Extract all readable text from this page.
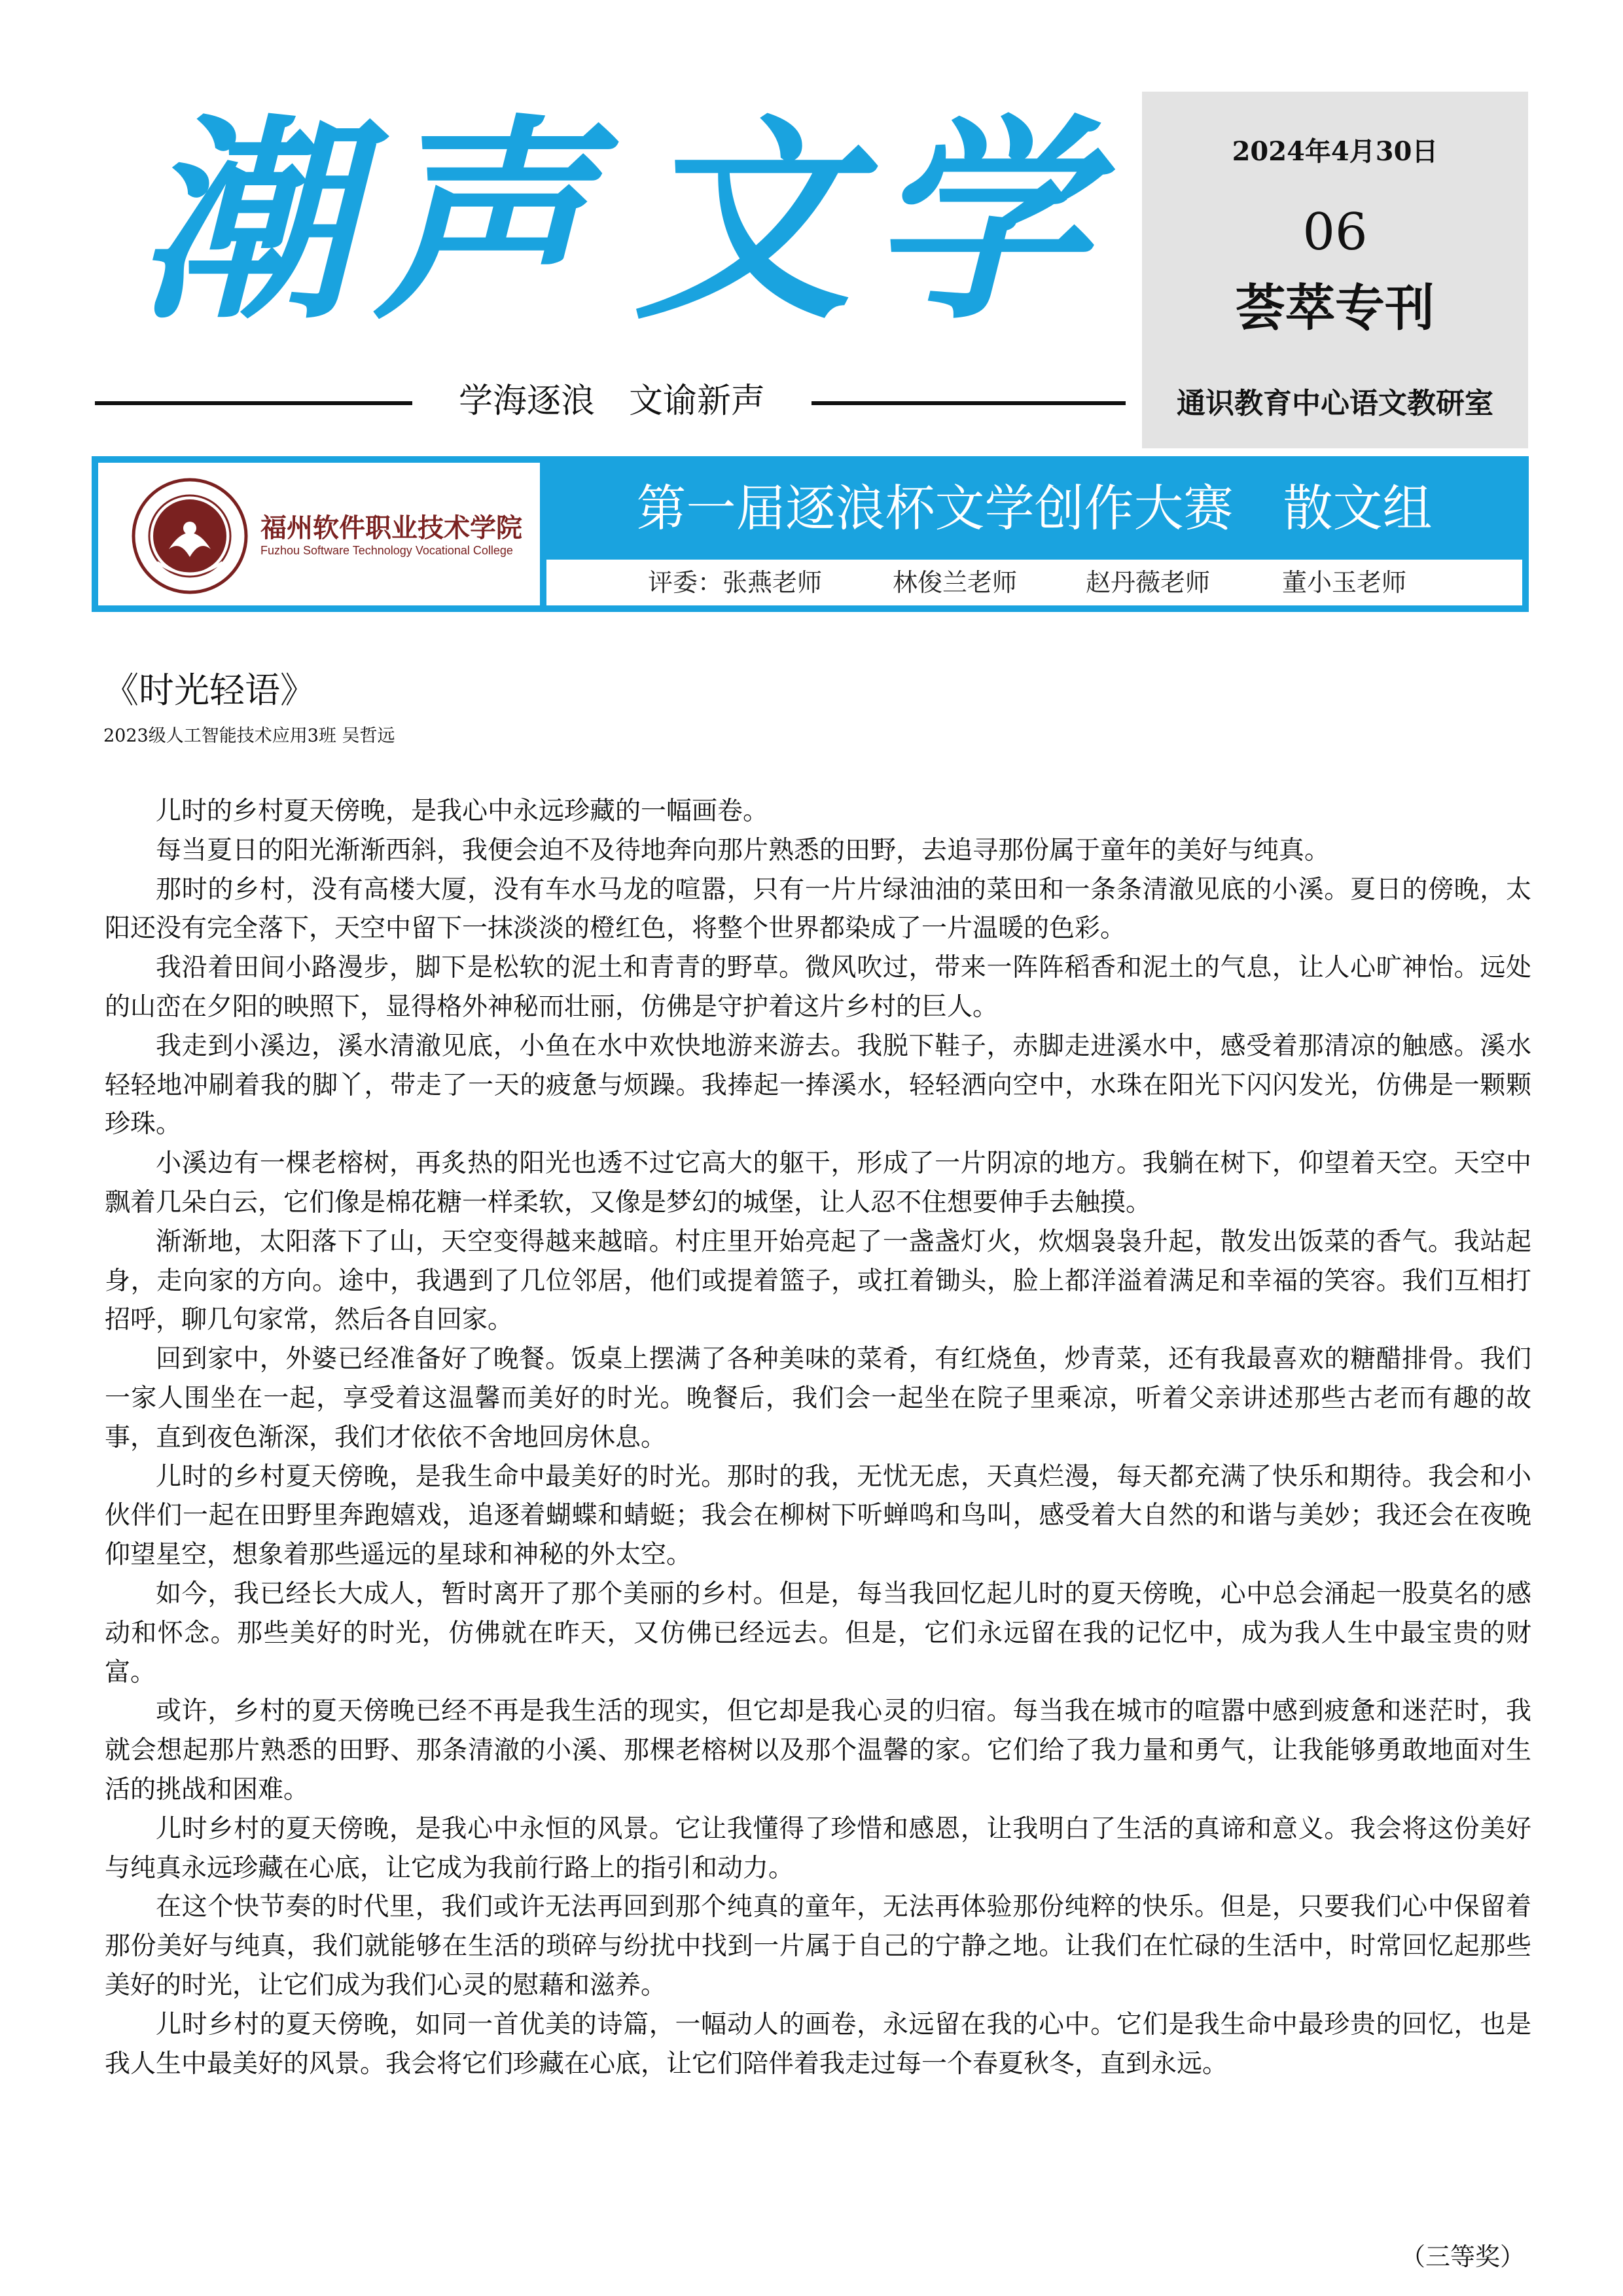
潮 声 文 学
学海逐浪　文谕新声
2024年4月30日
06
荟萃专刊
通识教育中心语文教研室
福州软件职业技术学院
Fuzhou Software Technology Vocational College
第一届逐浪杯文学创作大赛　散文组
评委：张燕老师	林俊兰老师	赵丹薇老师	董小玉老师
《时光轻语》
2023级人工智能技术应用3班 吴哲远

儿时的乡村夏天傍晚，是我心中永远珍藏的一幅画卷。

每当夏日的阳光渐渐西斜，我便会迫不及待地奔向那片熟悉的田野，去追寻那份属于童年的美好与纯真。

那时的乡村，没有高楼大厦，没有车水马龙的喧嚣，只有一片片绿油油的菜田和一条条清澈见底的小溪。夏日的傍晚，太阳还没有完全落下，天空中留下一抹淡淡的橙红色，将整个世界都染成了一片温暖的色彩。

我沿着田间小路漫步，脚下是松软的泥土和青青的野草。微风吹过，带来一阵阵稻香和泥土的气息，让人心旷神怡。远处的山峦在夕阳的映照下，显得格外神秘而壮丽，仿佛是守护着这片乡村的巨人。

我走到小溪边，溪水清澈见底，小鱼在水中欢快地游来游去。我脱下鞋子，赤脚走进溪水中，感受着那清凉的触感。溪水轻轻地冲刷着我的脚丫，带走了一天的疲惫与烦躁。我捧起一捧溪水，轻轻洒向空中，水珠在阳光下闪闪发光，仿佛是一颗颗珍珠。

小溪边有一棵老榕树，再炙热的阳光也透不过它高大的躯干，形成了一片阴凉的地方。我躺在树下，仰望着天空。天空中飘着几朵白云，它们像是棉花糖一样柔软，又像是梦幻的城堡，让人忍不住想要伸手去触摸。

渐渐地，太阳落下了山，天空变得越来越暗。村庄里开始亮起了一盏盏灯火，炊烟袅袅升起，散发出饭菜的香气。我站起身，走向家的方向。途中，我遇到了几位邻居，他们或提着篮子，或扛着锄头，脸上都洋溢着满足和幸福的笑容。我们互相打招呼，聊几句家常，然后各自回家。

回到家中，外婆已经准备好了晚餐。饭桌上摆满了各种美味的菜肴，有红烧鱼，炒青菜，还有我最喜欢的糖醋排骨。我们一家人围坐在一起，享受着这温馨而美好的时光。晚餐后，我们会一起坐在院子里乘凉，听着父亲讲述那些古老而有趣的故事，直到夜色渐深，我们才依依不舍地回房休息。

儿时的乡村夏天傍晚，是我生命中最美好的时光。那时的我，无忧无虑，天真烂漫，每天都充满了快乐和期待。我会和小伙伴们一起在田野里奔跑嬉戏，追逐着蝴蝶和蜻蜓；我会在柳树下听蝉鸣和鸟叫，感受着大自然的和谐与美妙；我还会在夜晚仰望星空，想象着那些遥远的星球和神秘的外太空。

如今，我已经长大成人，暂时离开了那个美丽的乡村。但是，每当我回忆起儿时的夏天傍晚，心中总会涌起一股莫名的感动和怀念。那些美好的时光，仿佛就在昨天，又仿佛已经远去。但是，它们永远留在我的记忆中，成为我人生中最宝贵的财富。

或许，乡村的夏天傍晚已经不再是我生活的现实，但它却是我心灵的归宿。每当我在城市的喧嚣中感到疲惫和迷茫时，我就会想起那片熟悉的田野、那条清澈的小溪、那棵老榕树以及那个温馨的家。它们给了我力量和勇气，让我能够勇敢地面对生活的挑战和困难。

儿时乡村的夏天傍晚，是我心中永恒的风景。它让我懂得了珍惜和感恩，让我明白了生活的真谛和意义。我会将这份美好与纯真永远珍藏在心底，让它成为我前行路上的指引和动力。

在这个快节奏的时代里，我们或许无法再回到那个纯真的童年，无法再体验那份纯粹的快乐。但是，只要我们心中保留着那份美好与纯真，我们就能够在生活的琐碎与纷扰中找到一片属于自己的宁静之地。让我们在忙碌的生活中，时常回忆起那些美好的时光，让它们成为我们心灵的慰藉和滋养。

儿时乡村的夏天傍晚，如同一首优美的诗篇，一幅动人的画卷，永远留在我的心中。它们是我生命中最珍贵的回忆，也是我人生中最美好的风景。我会将它们珍藏在心底，让它们陪伴着我走过每一个春夏秋冬，直到永远。

（三等奖）
